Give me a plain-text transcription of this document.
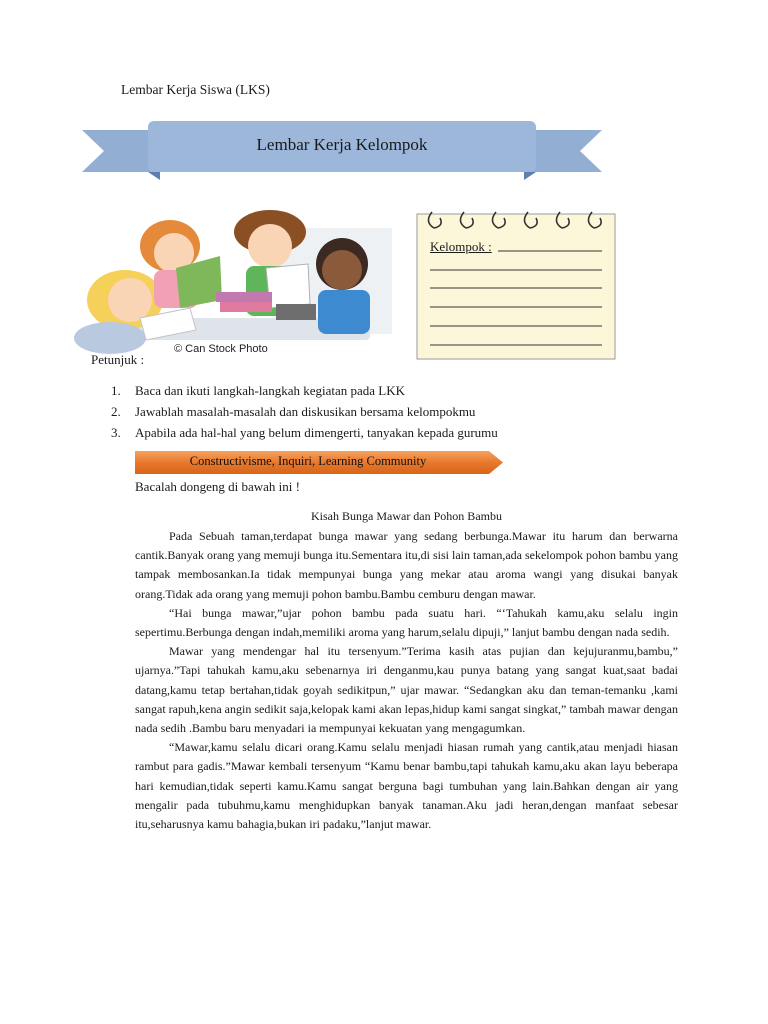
Lembar Kerja Siswa (LKS)
Lembar Kerja Kelompok
© Can Stock Photo
Kelompok :
Petunjuk :
1. Baca dan ikuti langkah-langkah kegiatan pada LKK
2. Jawablah masalah-masalah dan diskusikan bersama kelompokmu
3. Apabila ada hal-hal yang belum dimengerti, tanyakan kepada gurumu
Constructivisme, Inquiri, Learning Community
Bacalah dongeng di bawah ini !
Kisah Bunga Mawar dan Pohon Bambu

Pada Sebuah taman,terdapat bunga mawar yang sedang berbunga.Mawar itu harum dan berwarna cantik.Banyak orang yang memuji bunga itu.Sementara itu,di sisi lain taman,ada sekelompok pohon bambu yang tampak membosankan.Ia tidak mempunyai bunga yang mekar atau aroma wangi yang disukai banyak orang.Tidak ada orang yang memuji pohon bambu.Bambu cemburu dengan mawar.

“Hai bunga mawar,”ujar pohon bambu pada suatu hari. “‘Tahukah kamu,aku selalu ingin sepertimu.Berbunga dengan indah,memiliki aroma yang harum,selalu dipuji,” lanjut bambu dengan nada sedih.

Mawar yang mendengar hal itu tersenyum.”Terima kasih atas pujian dan kejujuranmu,bambu,” ujarnya.”Tapi tahukah kamu,aku sebenarnya iri denganmu,kau punya batang yang sangat kuat,saat badai datang,kamu tetap bertahan,tidak goyah sedikitpun,” ujar mawar. “Sedangkan aku dan teman-temanku ,kami sangat rapuh,kena angin sedikit saja,kelopak kami akan lepas,hidup kami sangat singkat,” tambah mawar dengan nada sedih .Bambu baru menyadari ia mempunyai kekuatan yang mengagumkan.

“Mawar,kamu selalu dicari orang.Kamu selalu menjadi hiasan rumah yang cantik,atau menjadi hiasan rambut para gadis.”Mawar kembali tersenyum “Kamu benar bambu,tapi tahukah kamu,aku akan layu beberapa hari kemudian,tidak seperti kamu.Kamu sangat berguna bagi tumbuhan yang lain.Bahkan dengan air yang mengalir pada tubuhmu,kamu menghidupkan banyak tanaman.Aku jadi heran,dengan manfaat sebesar itu,seharusnya kamu bahagia,bukan iri padaku,”lanjut mawar.
